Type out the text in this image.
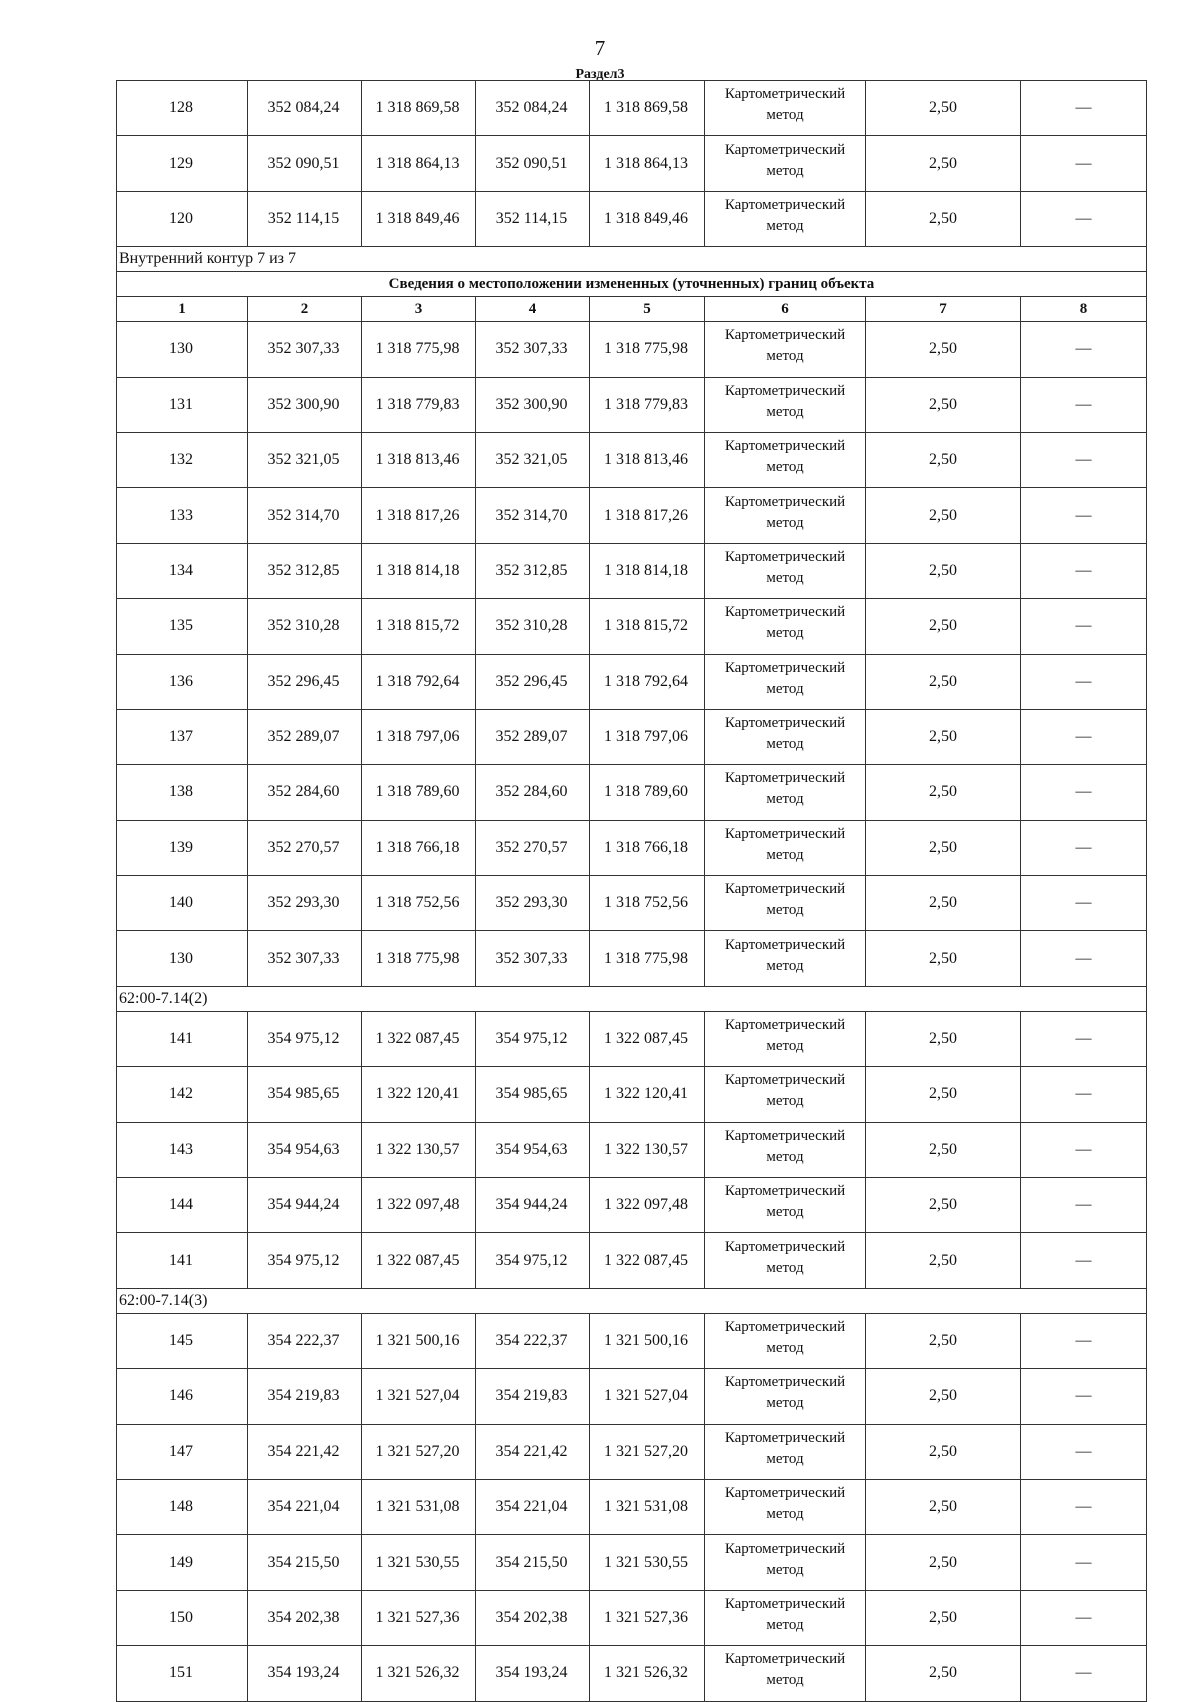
7
Раздел3
128	352 084,24	1 318 869,58	352 084,24	1 318 869,58	Картометрический метод	2,50	—
129	352 090,51	1 318 864,13	352 090,51	1 318 864,13	Картометрический метод	2,50	—
120	352 114,15	1 318 849,46	352 114,15	1 318 849,46	Картометрический метод	2,50	—
Внутренний контур 7 из 7							
Сведения о местоположении измененных (уточненных) границ объекта							
1	2	3	4	5	6	7	8
130	352 307,33	1 318 775,98	352 307,33	1 318 775,98	Картометрический метод	2,50	—
131	352 300,90	1 318 779,83	352 300,90	1 318 779,83	Картометрический метод	2,50	—
132	352 321,05	1 318 813,46	352 321,05	1 318 813,46	Картометрический метод	2,50	—
133	352 314,70	1 318 817,26	352 314,70	1 318 817,26	Картометрический метод	2,50	—
134	352 312,85	1 318 814,18	352 312,85	1 318 814,18	Картометрический метод	2,50	—
135	352 310,28	1 318 815,72	352 310,28	1 318 815,72	Картометрический метод	2,50	—
136	352 296,45	1 318 792,64	352 296,45	1 318 792,64	Картометрический метод	2,50	—
137	352 289,07	1 318 797,06	352 289,07	1 318 797,06	Картометрический метод	2,50	—
138	352 284,60	1 318 789,60	352 284,60	1 318 789,60	Картометрический метод	2,50	—
139	352 270,57	1 318 766,18	352 270,57	1 318 766,18	Картометрический метод	2,50	—
140	352 293,30	1 318 752,56	352 293,30	1 318 752,56	Картометрический метод	2,50	—
130	352 307,33	1 318 775,98	352 307,33	1 318 775,98	Картометрический метод	2,50	—
62:00-7.14(2)							
141	354 975,12	1 322 087,45	354 975,12	1 322 087,45	Картометрический метод	2,50	—
142	354 985,65	1 322 120,41	354 985,65	1 322 120,41	Картометрический метод	2,50	—
143	354 954,63	1 322 130,57	354 954,63	1 322 130,57	Картометрический метод	2,50	—
144	354 944,24	1 322 097,48	354 944,24	1 322 097,48	Картометрический метод	2,50	—
141	354 975,12	1 322 087,45	354 975,12	1 322 087,45	Картометрический метод	2,50	—
62:00-7.14(3)							
145	354 222,37	1 321 500,16	354 222,37	1 321 500,16	Картометрический метод	2,50	—
146	354 219,83	1 321 527,04	354 219,83	1 321 527,04	Картометрический метод	2,50	—
147	354 221,42	1 321 527,20	354 221,42	1 321 527,20	Картометрический метод	2,50	—
148	354 221,04	1 321 531,08	354 221,04	1 321 531,08	Картометрический метод	2,50	—
149	354 215,50	1 321 530,55	354 215,50	1 321 530,55	Картометрический метод	2,50	—
150	354 202,38	1 321 527,36	354 202,38	1 321 527,36	Картометрический метод	2,50	—
151	354 193,24	1 321 526,32	354 193,24	1 321 526,32	Картометрический метод	2,50	—
